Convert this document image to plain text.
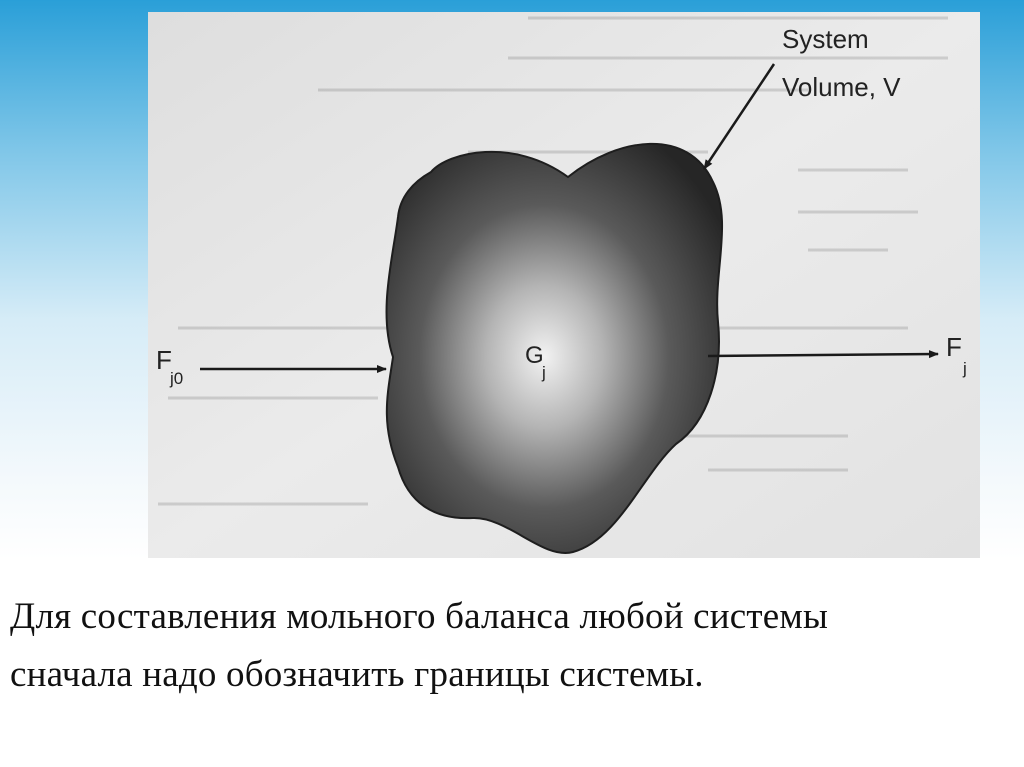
System
Volume, V
G
j
F
j0
F
j
Для составления мольного баланса любой системы
сначала надо обозначить границы системы.
